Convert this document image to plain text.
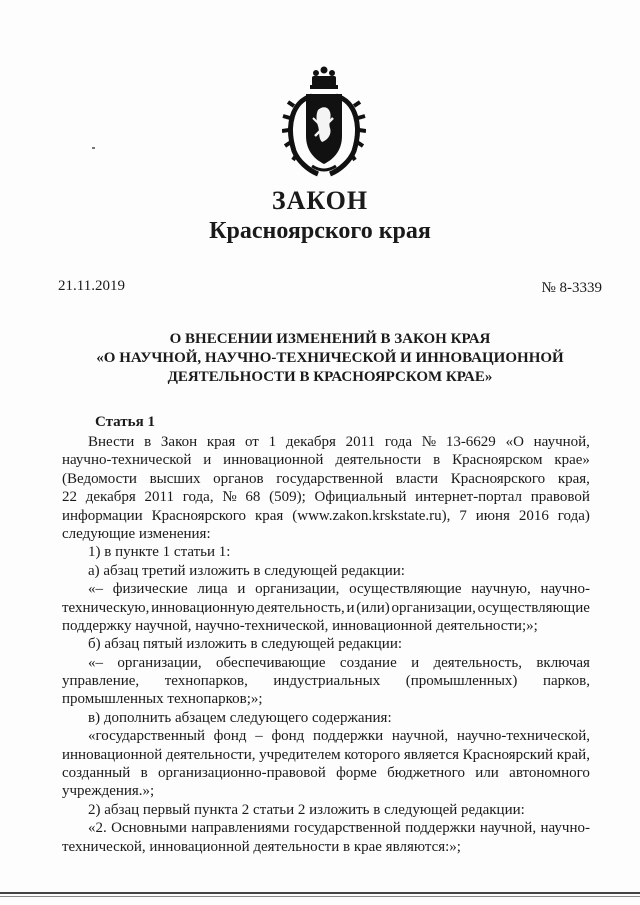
ЗАКОН
Красноярского края
21.11.2019	№ 8-3339
О ВНЕСЕНИИ ИЗМЕНЕНИЙ В ЗАКОН КРАЯ
«О НАУЧНОЙ, НАУЧНО-ТЕХНИЧЕСКОЙ И ИННОВАЦИОННОЙ
ДЕЯТЕЛЬНОСТИ В КРАСНОЯРСКОМ КРАЕ»
Статья 1
Внести в Закон края от 1 декабря 2011 года № 13-6629 «О научной,
научно-технической и инновационной деятельности в Красноярском крае»
(Ведомости высших органов государственной власти Красноярского края,
22 декабря 2011 года, № 68 (509); Официальный интернет-портал правовой
информации Красноярского края (www.zakon.krskstate.ru), 7 июня 2016 года)
следующие изменения:
1) в пункте 1 статьи 1:
а) абзац третий изложить в следующей редакции:
«– физические лица и организации, осуществляющие научную, научно-
техническую, инновационную деятельность, и (или) организации, осуществляющие
поддержку научной, научно-технической, инновационной деятельности;»;
б) абзац пятый изложить в следующей редакции:
«– организации, обеспечивающие создание и деятельность, включая
управление, технопарков, индустриальных (промышленных) парков,
промышленных технопарков;»;
в) дополнить абзацем следующего содержания:
«государственный фонд – фонд поддержки научной, научно-технической,
инновационной деятельности, учредителем которого является Красноярский край,
созданный в организационно-правовой форме бюджетного или автономного
учреждения.»;
2) абзац первый пункта 2 статьи 2 изложить в следующей редакции:
«2. Основными направлениями государственной поддержки научной, научно-
технической, инновационной деятельности в крае являются:»;
